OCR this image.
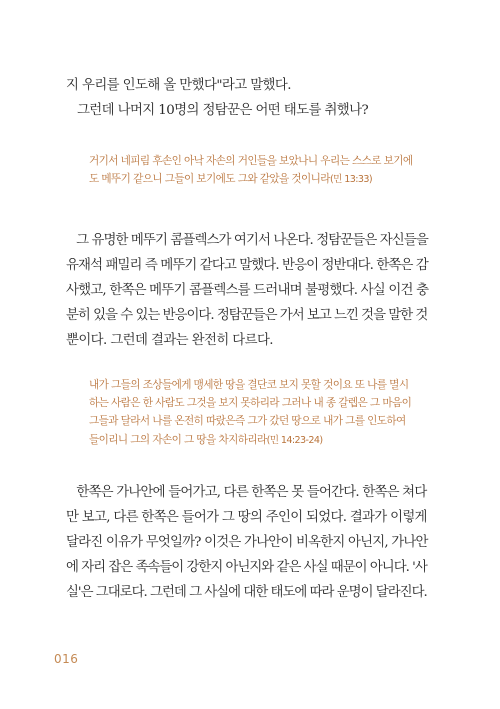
지 우리를 인도해 올 만했다"라고 말했다.
그런데 나머지 10명의 정탐꾼은 어떤 태도를 취했나?
거기서 네피림 후손인 아낙 자손의 거인들을 보았나니 우리는 스스로 보기에
도 메뚜기 같으니 그들이 보기에도 그와 같았을 것이니라(민 13:33)
그 유명한 메뚜기 콤플렉스가 여기서 나온다. 정탐꾼들은 자신들을
유재석 패밀리 즉 메뚜기 같다고 말했다. 반응이 정반대다. 한쪽은 감
사했고, 한쪽은 메뚜기 콤플렉스를 드러내며 불평했다. 사실 이건 충
분히 있을 수 있는 반응이다. 정탐꾼들은 가서 보고 느낀 것을 말한 것
뿐이다. 그런데 결과는 완전히 다르다.
내가 그들의 조상들에게 맹세한 땅을 결단코 보지 못할 것이요 또 나를 멸시
하는 사람은 한 사람도 그것을 보지 못하리라 그러나 내 종 갈렙은 그 마음이
그들과 달라서 나를 온전히 따랐은즉 그가 갔던 땅으로 내가 그를 인도하여
들이리니 그의 자손이 그 땅을 차지하리라(민 14:23-24)
한쪽은 가나안에 들어가고, 다른 한쪽은 못 들어간다. 한쪽은 쳐다
만 보고, 다른 한쪽은 들어가 그 땅의 주인이 되었다. 결과가 이렇게
달라진 이유가 무엇일까? 이것은 가나안이 비옥한지 아닌지, 가나안
에 자리 잡은 족속들이 강한지 아닌지와 같은 사실 때문이 아니다. '사
실'은 그대로다. 그런데 그 사실에 대한 태도에 따라 운명이 달라진다.
016
